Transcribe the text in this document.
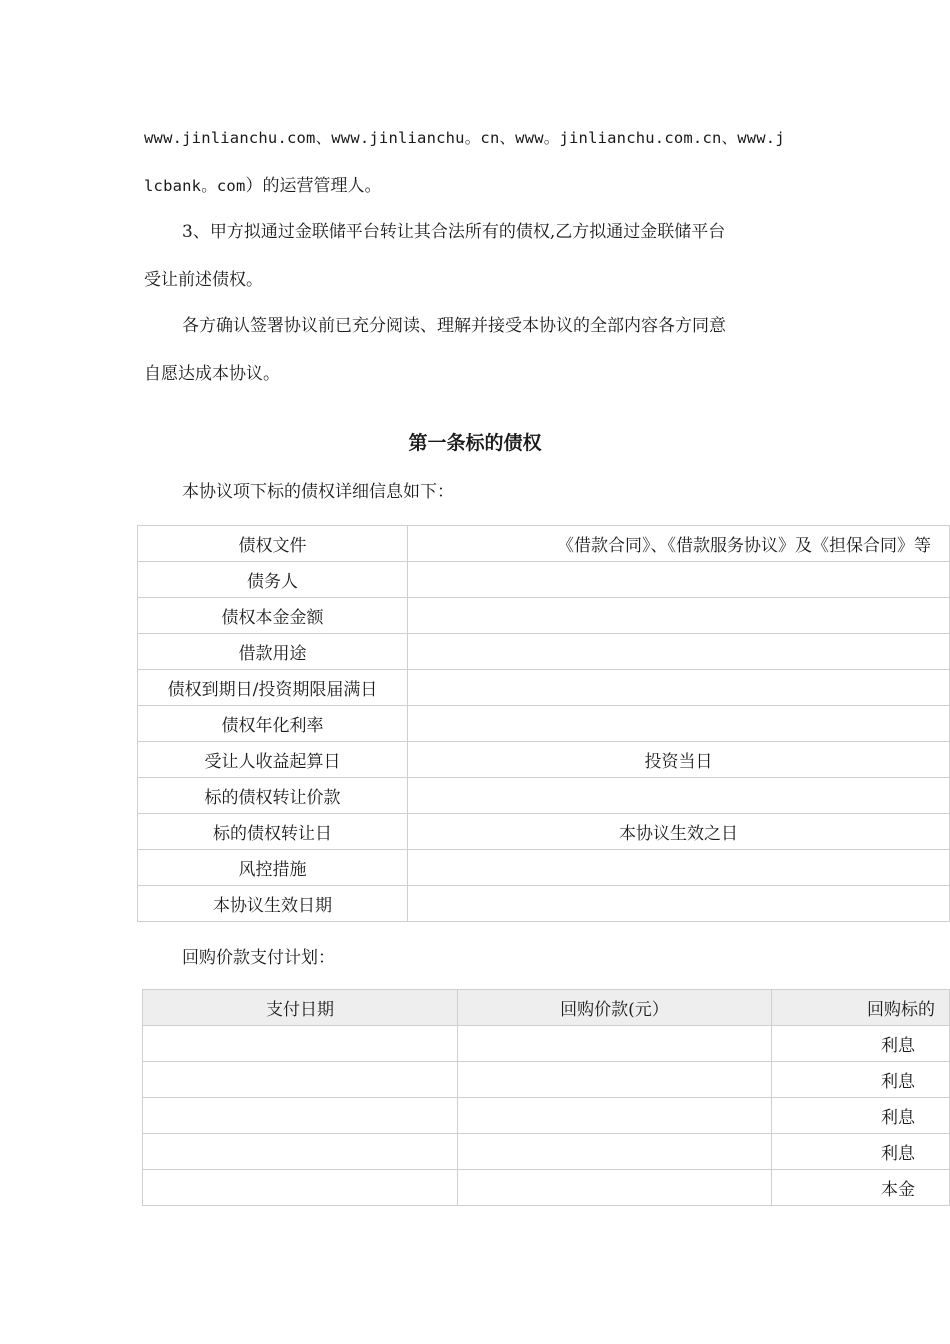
www.jinlianchu.com、www.jinlianchu。cn、www。jinlianchu.com.cn、www.j
lcbank。com）的运营管理人。
3、甲方拟通过金联储平台转让其合法所有的债权,乙方拟通过金联储平台
受让前述债权。
各方确认签署协议前已充分阅读、理解并接受本协议的全部内容各方同意
自愿达成本协议。
第一条标的债权
本协议项下标的债权详细信息如下：
债权文件	《借款合同》、《借款服务协议》及《担保合同》等
债务人	
债权本金金额	
借款用途	
债权到期日/投资期限届满日	
债权年化利率	
受让人收益起算日	投资当日
标的债权转让价款	
标的债权转让日	本协议生效之日
风控措施	
本协议生效日期	
回购价款支付计划：
支付日期	回购价款(元）	回购标的
		利息
		利息
		利息
		利息
		本金
